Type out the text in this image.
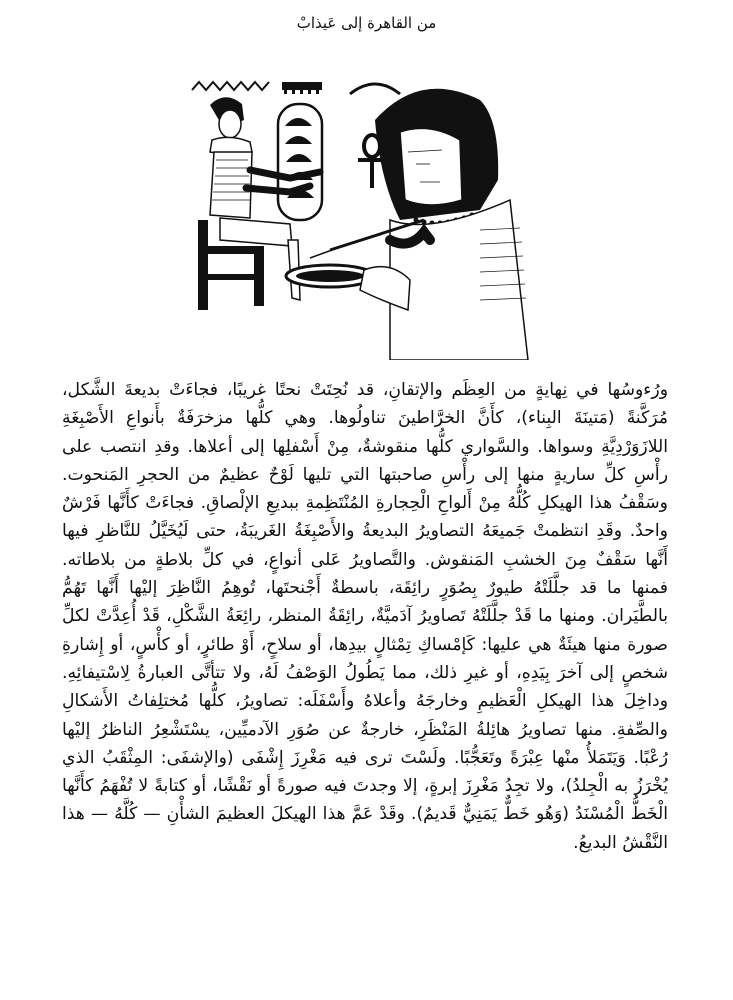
من القاهرة إلى عَيذابْ

ورُءوسُها في نِهايةٍ من العِظَم والإتقانِ، قد نُحِتَتْ نحتًا غريبًا، فجاءَتْ بديعةَ الشَّكل، مُرَكَّنةً (مَتينَةَ البِناء)، كأَنَّ الخرَّاطينَ تناولُوها. وهي كلُّها مزخرَفَةٌ بأَنواعِ الأَصْبِغَةِ اللازَوَرْدِيَّةِ وسواها. والسَّواري كلُّها منقوشةٌ، مِنْ أَسْفلِها إلى أعلاها. وقدِ انتصب على رأْسِ كلِّ ساريةٍ منها إلى رأْسِ صاحبتها التي تليها لَوْحٌ عظيمٌ من الحجرِ المَنحوت. وسَقْفُ هذا الهيكلِ كُلُّهُ مِنْ أَلواحِ الْحِجارةِ المُنْتَظِمةِ ببديعِ الإلْصاقِ. فجاءَتْ كأَنَّها فَرْشٌ واحدٌ. وقَدِ انتظمتْ جَميعَهُ التصاويرُ البديعةُ والأَصْبِغَةُ الغَريبَةُ، حتى لَيُخَيَّلُ للنَّاظرِ فيها أَنَّها سَقْفٌ مِنَ الخشبِ المَنقوش. والتَّصاويرُ عَلى أنواعٍ، في كلِّ بلاطةٍ من بلاطاته. فمنها ما قد جلَّلَتْهُ طيورٌ بِصُوَرٍ رائِقَة، باسطةٌ أَجْنحتَها، تُوهِمُ النَّاظِرَ إليْها أَنَّها تَهُمُّ بالطَّيَران. ومنها ما قَدْ جلَّلَتْهُ تَصاويرُ آدَميَّةٌ، رائِقَةُ المنظر، رائِعَةُ الشَّكْلِ، قَدْ أُعِدَّتْ لكلِّ صورة منها هيئَةٌ هي عليها: كَإمْساكِ تِمْثالٍ بيدِها، أو سلاحٍ، أَوْ طائرٍ، أو كأْسٍ، أو إِشارةِ شخصٍ إلى آخرَ بِيَدِهِ، أو غيرِ ذلك، مما يَطُولُ الوَصْفُ لَهُ، ولا تتأتَّى العبارةُ لِاسْتيفائِهِ. وداخِلَ هذا الهيكلِ الْعَظيمِ وخارجَهُ وأعلاهُ وأَسْفَلَه: تصاويرُ، كلُّها مُختلِفاتُ الأَشكالِ والصِّفةِ. منها تصاويرُ هائِلةُ المَنْظَرِ، خارجةٌ عن صُوَرِ الآدميِّين، يسْتَشْعِرُ الناظرُ إليْها رُعْبًا. وَيَتَمَلأُ منْها عِبْرَةً وتَعَجُّبًا. ولَسْتَ ترى فيه مَغْرِزَ إِشْفَى (والإشفَى: المِثْقَبُ الذي يُخْرَزُ به الْجِلدُ)، ولا تجِدُ مَغْرِزَ إبرةٍ، إلا وجدتَ فيه صورةً أو نَقْشًا، أو كتابةً لا تُفْهَمُ كأَنَّها الْخَطُّ الْمُسْنَدُ (وَهُو خَطٌّ يَمَنِيٌّ قَديمٌ). وقَدْ عَمَّ هذا الهيكلَ العظيمَ الشأْنِ — كُلَّهُ — هذا النَّقْشُ البديعُ.
